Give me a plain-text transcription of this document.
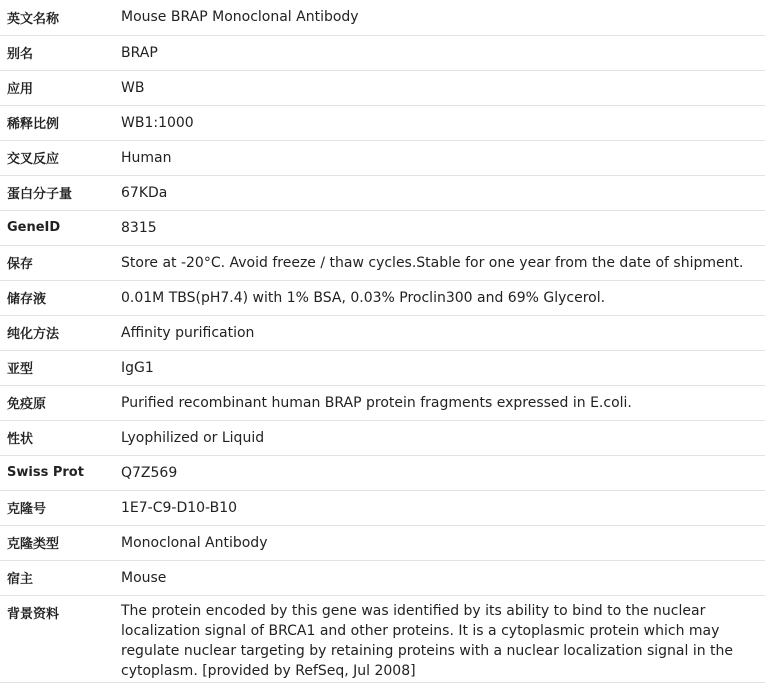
英文名称	Mouse BRAP Monoclonal Antibody
别名	BRAP
应用	WB
稀释比例	WB1:1000
交叉反应	Human
蛋白分子量	67KDa
GeneID	8315
保存	Store at -20°C. Avoid freeze / thaw cycles.Stable for one year from the date of shipment.
储存液	0.01M TBS(pH7.4) with 1% BSA, 0.03% Proclin300 and 69% Glycerol.
纯化方法	Affinity purification
亚型	IgG1
免疫原	Purified recombinant human BRAP protein fragments expressed in E.coli.
性状	Lyophilized or Liquid
Swiss Prot	Q7Z569
克隆号	1E7-C9-D10-B10
克隆类型	Monoclonal Antibody
宿主	Mouse
背景资料	The protein encoded by this gene was identified by its ability to bind to the nuclear localization signal of BRCA1 and other proteins. It is a cytoplasmic protein which may regulate nuclear targeting by retaining proteins with a nuclear localization signal in the cytoplasm. [provided by RefSeq, Jul 2008]
